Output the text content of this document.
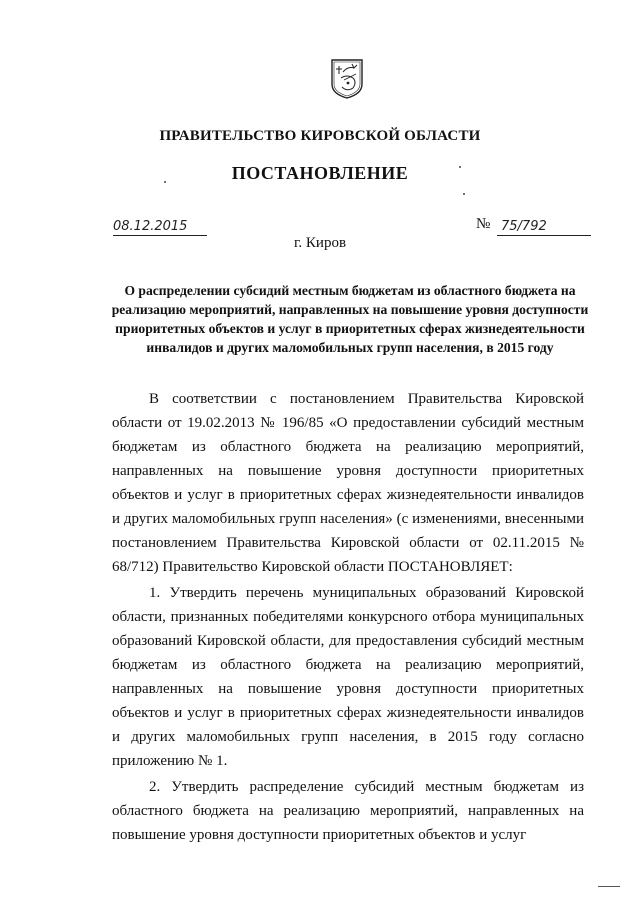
ПРАВИТЕЛЬСТВО КИРОВСКОЙ ОБЛАСТИ
ПОСТАНОВЛЕНИЕ
08.12.2015	№ 75/792
г. Киров
О распределении субсидий местным бюджетам из областного бюджета на реализацию мероприятий, направленных на повышение уровня доступности приоритетных объектов и услуг в приоритетных сферах жизнедеятельности инвалидов и других маломобильных групп населения, в 2015 году

В соответствии с постановлением Правительства Кировской области от 19.02.2013 № 196/85 «О предоставлении субсидий местным бюджетам из областного бюджета на реализацию мероприятий, направленных на повышение уровня доступности приоритетных объектов и услуг в приоритетных сферах жизнедеятельности инвалидов и других маломобильных групп населения» (с изменениями, внесенными постановлением Правительства Кировской области от 02.11.2015 № 68/712) Правительство Кировской области ПОСТАНОВЛЯЕТ:

1. Утвердить перечень муниципальных образований Кировской области, признанных победителями конкурсного отбора муниципальных образований Кировской области, для предоставления субсидий местным бюджетам из областного бюджета на реализацию мероприятий, направленных на повышение уровня доступности приоритетных объектов и услуг в приоритетных сферах жизнедеятельности инвалидов и других маломобильных групп населения, в 2015 году согласно приложению № 1.

2. Утвердить распределение субсидий местным бюджетам из областного бюджета на реализацию мероприятий, направленных на повышение уровня доступности приоритетных объектов и услуг
